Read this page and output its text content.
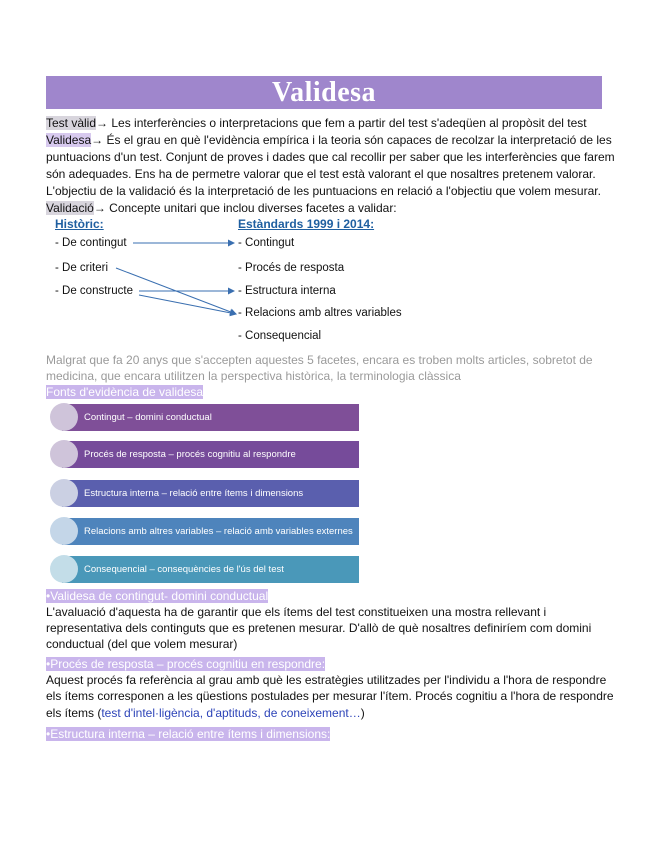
Validesa
Test vàlid→ Les interferències o interpretacions que fem a partir del test s'adeqüen al propòsit del test
Validesa→ És el grau en què l'evidència empírica i la teoria són capaces de recolzar la interpretació de les
puntuacions d'un test. Conjunt de proves i dades que cal recollir per saber que les interferències que farem
són adequades. Ens ha de permetre valorar que el test està valorant el que nosaltres pretenem valorar.
L'objectiu de la validació és la interpretació de les puntuacions en relació a l'objectiu que volem mesurar.
Validació→ Concepte unitari que inclou diverses facetes a validar:
Històric:	Estàndards 1999 i 2014:
- De contingut
- De criteri
- De constructe
- Contingut
- Procés de resposta
- Estructura interna
- Relacions amb altres variables
- Consequencial
Malgrat que fa 20 anys que s'accepten aquestes 5 facetes, encara es troben molts articles, sobretot de
medicina, que encara utilitzen la perspectiva històrica, la terminologia clàssica
Fonts d'evidència de validesa
Contingut – domini conductual
Procés de resposta – procés cognitiu al respondre
Estructura interna – relació entre ítems i dimensions
Relacions amb altres variables – relació amb variables externes
Consequencial – consequències de l'ús del test
•Validesa de contingut- domini conductual
L'avaluació d'aquesta ha de garantir que els ítems del test constitueixen una mostra rellevant i
representativa dels continguts que es pretenen mesurar. D'allò de què nosaltres definiríem com domini
conductual (del que volem mesurar)
•Procés de resposta – procés cognitiu en respondre:
Aquest procés fa referència al grau amb què les estratègies utilitzades per l'individu a l'hora de respondre
els ítems corresponen a les qüestions postulades per mesurar l'ítem. Procés cognitiu a l'hora de respondre
els ítems (test d'intel·ligència, d'aptituds, de coneixement…)
•Estructura interna – relació entre ítems i dimensions:
